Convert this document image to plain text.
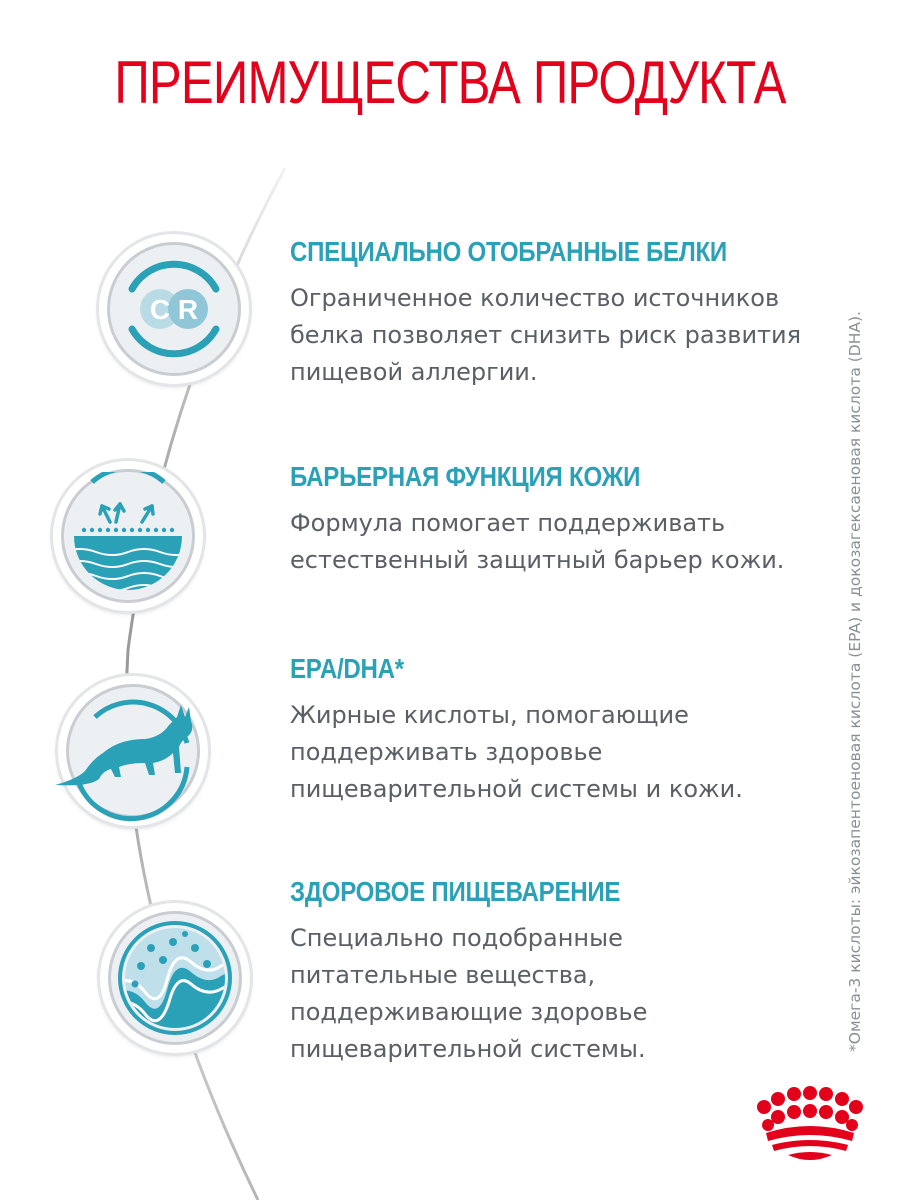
ПРЕИМУЩЕСТВА ПРОДУКТА
C R
СПЕЦИАЛЬНО ОТОБРАННЫЕ БЕЛКИ
Ограниченное количество источников
белка позволяет снизить риск развития
пищевой аллергии.
БАРЬЕРНАЯ ФУНКЦИЯ КОЖИ
Формула помогает поддерживать
естественный защитный барьер кожи.
EPA/DHA*
Жирные кислоты, помогающие
поддерживать здоровье
пищеварительной системы и кожи.
ЗДОРОВОЕ ПИЩЕВАРЕНИЕ
Специально подобранные
питательные вещества,
поддерживающие здоровье
пищеварительной системы.	*Омега-3 кислоты: эйкозапентоеновая кислота (EPA) и докозагексаеновая кислота (DHA).
